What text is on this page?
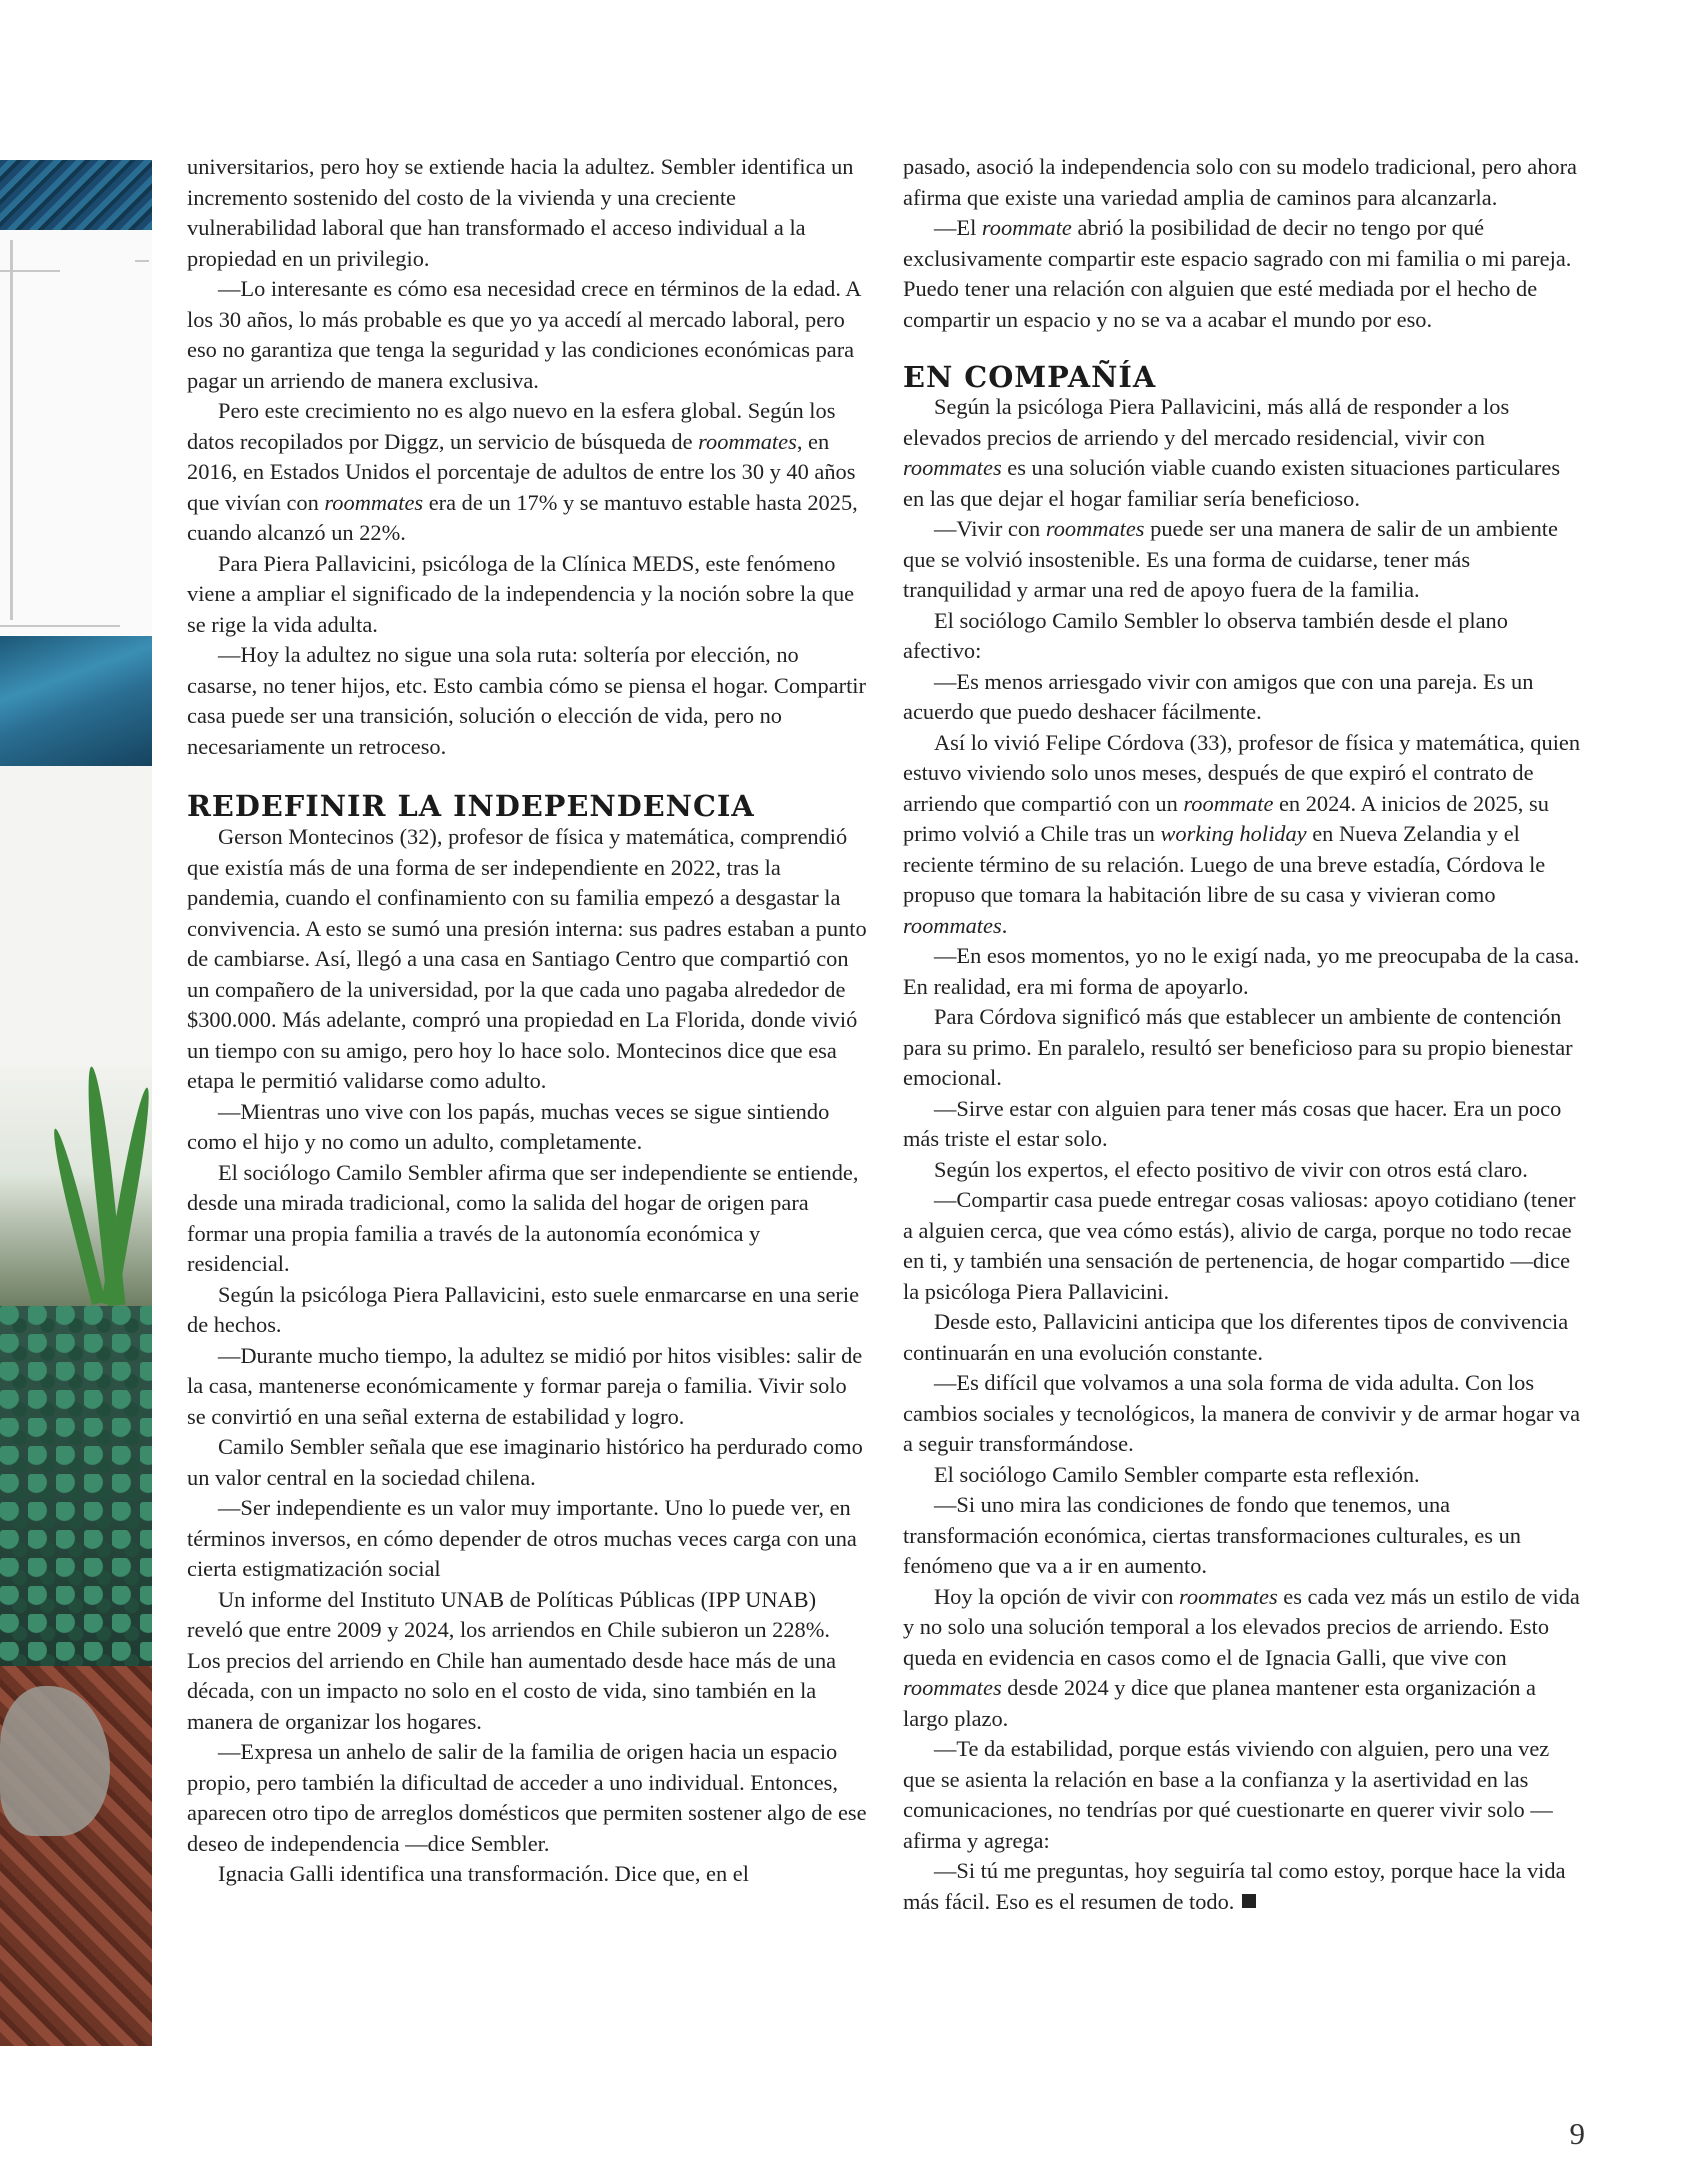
universitarios, pero hoy se extiende hacia la adultez. Sembler identifica un incremento sostenido del costo de la vivienda y una creciente vulnerabilidad laboral que han transformado el acceso individual a la propiedad en un privilegio.

—Lo interesante es cómo esa necesidad crece en términos de la edad. A los 30 años, lo más probable es que yo ya accedí al mercado laboral, pero eso no garantiza que tenga la seguridad y las condiciones económicas para pagar un arriendo de manera exclusiva.

Pero este crecimiento no es algo nuevo en la esfera global. Según los datos recopilados por Diggz, un servicio de búsqueda de roommates, en 2016, en Estados Unidos el porcentaje de adultos de entre los 30 y 40 años que vivían con roommates era de un 17% y se mantuvo estable hasta 2025, cuando alcanzó un 22%.

Para Piera Pallavicini, psicóloga de la Clínica MEDS, este fenómeno viene a ampliar el significado de la independencia y la noción sobre la que se rige la vida adulta.

—Hoy la adultez no sigue una sola ruta: soltería por elección, no casarse, no tener hijos, etc. Esto cambia cómo se piensa el hogar. Compartir casa puede ser una transición, solución o elección de vida, pero no necesariamente un retroceso.

REDEFINIR LA INDEPENDENCIA

Gerson Montecinos (32), profesor de física y matemática, comprendió que existía más de una forma de ser independiente en 2022, tras la pandemia, cuando el confinamiento con su familia empezó a desgastar la convivencia. A esto se sumó una presión interna: sus padres estaban a punto de cambiarse. Así, llegó a una casa en Santiago Centro que compartió con un compañero de la universidad, por la que cada uno pagaba alrededor de $300.000. Más adelante, compró una propiedad en La Florida, donde vivió un tiempo con su amigo, pero hoy lo hace solo. Montecinos dice que esa etapa le permitió validarse como adulto.

—Mientras uno vive con los papás, muchas veces se sigue sintiendo como el hijo y no como un adulto, completamente.

El sociólogo Camilo Sembler afirma que ser independiente se entiende, desde una mirada tradicional, como la salida del hogar de origen para formar una propia familia a través de la autonomía económica y residencial.

Según la psicóloga Piera Pallavicini, esto suele enmarcarse en una serie de hechos.

—Durante mucho tiempo, la adultez se midió por hitos visibles: salir de la casa, mantenerse económicamente y formar pareja o familia. Vivir solo se convirtió en una señal externa de estabilidad y logro.

Camilo Sembler señala que ese imaginario histórico ha perdurado como un valor central en la sociedad chilena.

—Ser independiente es un valor muy importante. Uno lo puede ver, en términos inversos, en cómo depender de otros muchas veces carga con una cierta estigmatización social

Un informe del Instituto UNAB de Políticas Públicas (IPP UNAB) reveló que entre 2009 y 2024, los arriendos en Chile subieron un 228%. Los precios del arriendo en Chile han aumentado desde hace más de una década, con un impacto no solo en el costo de vida, sino también en la manera de organizar los hogares.

—Expresa un anhelo de salir de la familia de origen hacia un espacio propio, pero también la dificultad de acceder a uno individual. Entonces, aparecen otro tipo de arreglos domésticos que permiten sostener algo de ese deseo de independencia —dice Sembler.

Ignacia Galli identifica una transformación. Dice que, en el

pasado, asoció la independencia solo con su modelo tradicional, pero ahora afirma que existe una variedad amplia de caminos para alcanzarla.

—El roommate abrió la posibilidad de decir no tengo por qué exclusivamente compartir este espacio sagrado con mi familia o mi pareja. Puedo tener una relación con alguien que esté mediada por el hecho de compartir un espacio y no se va a acabar el mundo por eso.

EN COMPAÑÍA

Según la psicóloga Piera Pallavicini, más allá de responder a los elevados precios de arriendo y del mercado residencial, vivir con roommates es una solución viable cuando existen situaciones particulares en las que dejar el hogar familiar sería beneficioso.

—Vivir con roommates puede ser una manera de salir de un ambiente que se volvió insostenible. Es una forma de cuidarse, tener más tranquilidad y armar una red de apoyo fuera de la familia.

El sociólogo Camilo Sembler lo observa también desde el plano afectivo:

—Es menos arriesgado vivir con amigos que con una pareja. Es un acuerdo que puedo deshacer fácilmente.

Así lo vivió Felipe Córdova (33), profesor de física y matemática, quien estuvo viviendo solo unos meses, después de que expiró el contrato de arriendo que compartió con un roommate en 2024. A inicios de 2025, su primo volvió a Chile tras un working holiday en Nueva Zelandia y el reciente término de su relación. Luego de una breve estadía, Córdova le propuso que tomara la habitación libre de su casa y vivieran como roommates.

—En esos momentos, yo no le exigí nada, yo me preocupaba de la casa. En realidad, era mi forma de apoyarlo.

Para Córdova significó más que establecer un ambiente de contención para su primo. En paralelo, resultó ser beneficioso para su propio bienestar emocional.

—Sirve estar con alguien para tener más cosas que hacer. Era un poco más triste el estar solo.

Según los expertos, el efecto positivo de vivir con otros está claro.

—Compartir casa puede entregar cosas valiosas: apoyo cotidiano (tener a alguien cerca, que vea cómo estás), alivio de carga, porque no todo recae en ti, y también una sensación de pertenencia, de hogar compartido —dice la psicóloga Piera Pallavicini.

Desde esto, Pallavicini anticipa que los diferentes tipos de convivencia continuarán en una evolución constante.

—Es difícil que volvamos a una sola forma de vida adulta. Con los cambios sociales y tecnológicos, la manera de convivir y de armar hogar va a seguir transformándose.

El sociólogo Camilo Sembler comparte esta reflexión.

—Si uno mira las condiciones de fondo que tenemos, una transformación económica, ciertas transformaciones culturales, es un fenómeno que va a ir en aumento.

Hoy la opción de vivir con roommates es cada vez más un estilo de vida y no solo una solución temporal a los elevados precios de arriendo. Esto queda en evidencia en casos como el de Ignacia Galli, que vive con roommates desde 2024 y dice que planea mantener esta organización a largo plazo.

—Te da estabilidad, porque estás viviendo con alguien, pero una vez que se asienta la relación en base a la confianza y la asertividad en las comunicaciones, no tendrías por qué cuestionarte en querer vivir solo —afirma y agrega:

—Si tú me preguntas, hoy seguiría tal como estoy, porque hace la vida más fácil. Eso es el resumen de todo.

9
